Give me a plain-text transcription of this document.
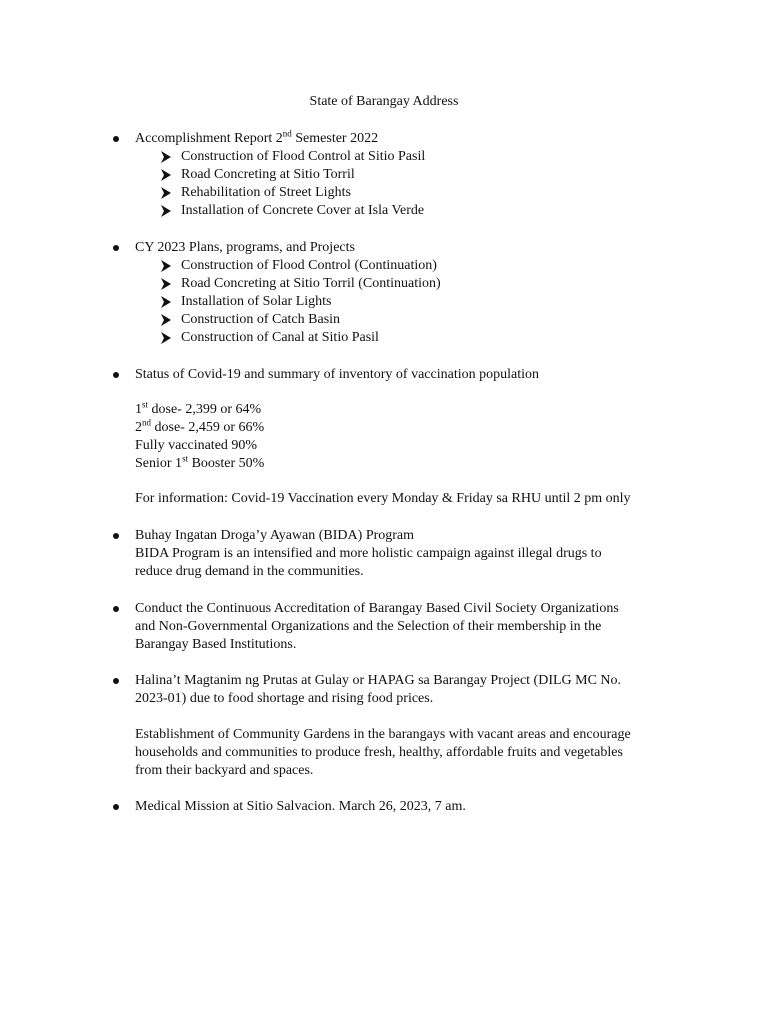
State of Barangay Address
Accomplishment Report 2nd Semester 2022
Construction of Flood Control at Sitio Pasil
Road Concreting at Sitio Torril
Rehabilitation of Street Lights
Installation of Concrete Cover at Isla Verde
CY 2023 Plans, programs, and Projects
Construction of Flood Control (Continuation)
Road Concreting at Sitio Torril (Continuation)
Installation of Solar Lights
Construction of Catch Basin
Construction of Canal at Sitio Pasil
Status of Covid-19 and summary of inventory of vaccination population
1st dose- 2,399 or 64%
2nd dose- 2,459 or 66%
Fully vaccinated 90%
Senior 1st Booster 50%
For information: Covid-19 Vaccination every Monday & Friday sa RHU until 2 pm only
Buhay Ingatan Droga’y Ayawan (BIDA) Program
BIDA Program is an intensified and more holistic campaign against illegal drugs to
reduce drug demand in the communities.
Conduct the Continuous Accreditation of Barangay Based Civil Society Organizations
and Non-Governmental Organizations and the Selection of their membership in the
Barangay Based Institutions.
Halina’t Magtanim ng Prutas at Gulay or HAPAG sa Barangay Project (DILG MC No.
2023-01) due to food shortage and rising food prices.
Establishment of Community Gardens in the barangays with vacant areas and encourage
households and communities to produce fresh, healthy, affordable fruits and vegetables
from their backyard and spaces.
Medical Mission at Sitio Salvacion. March 26, 2023, 7 am.
